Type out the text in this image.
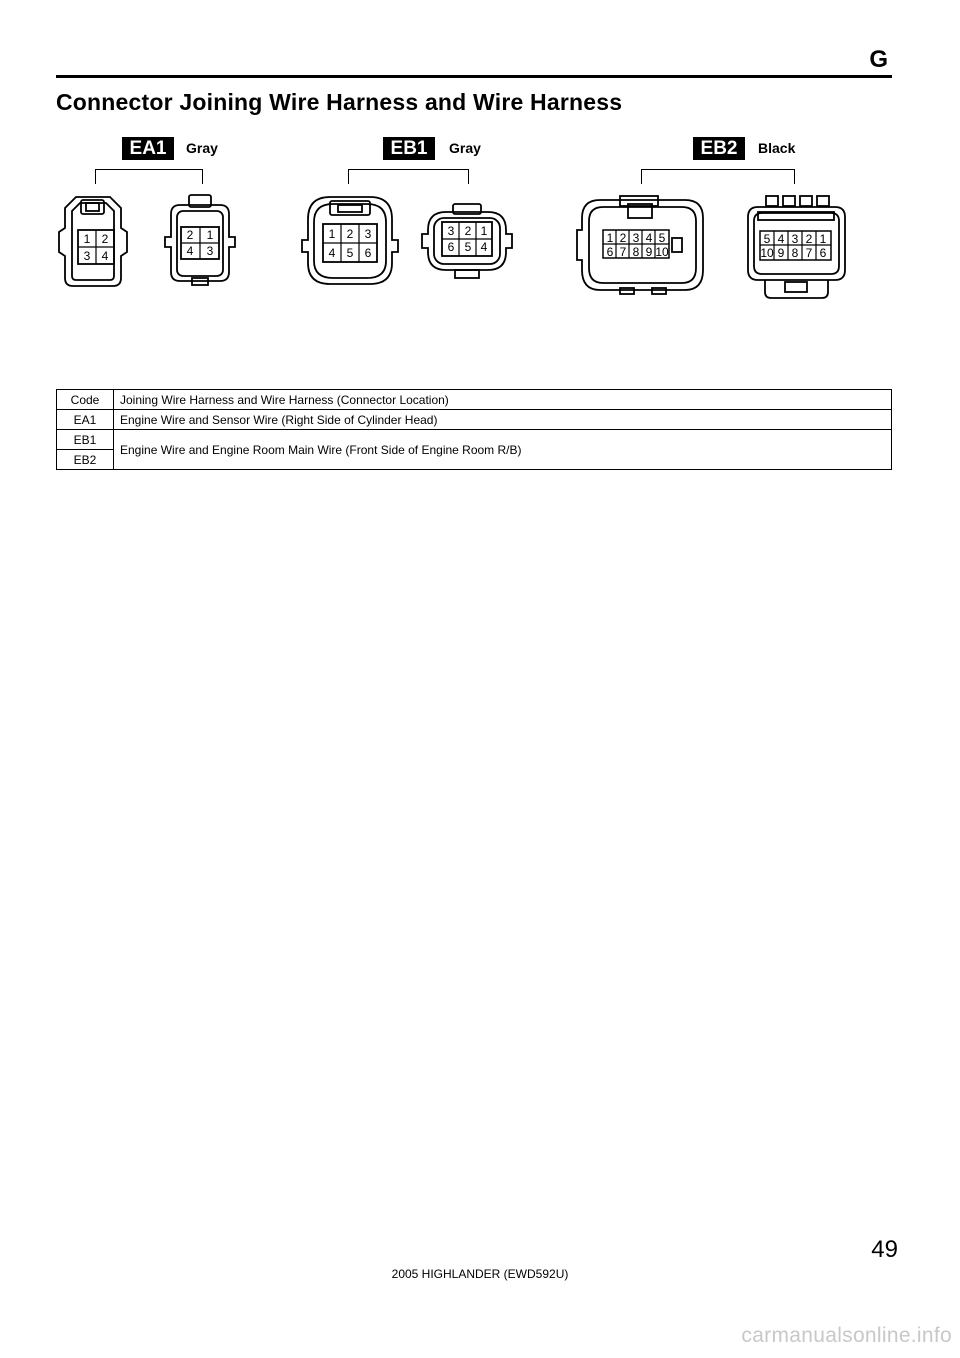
G
Connector Joining Wire Harness and Wire Harness
EA1	Gray	EB1	Gray	EB2	Black
1 2
3 4
2 1
4 3
1 2 3
4 5 6
3 2 1
6 5 4
1 2 3 4 5
6 7 8 9 10
5 4 3 2 1
10 9 8 7 6
Code	Joining Wire Harness and Wire Harness (Connector Location)
EA1	Engine Wire and Sensor Wire (Right Side of Cylinder Head)
EB1	Engine Wire and Engine Room Main Wire (Front Side of Engine Room R/B)
EB2	
49
2005 HIGHLANDER (EWD592U)
carmanualsonline.info
